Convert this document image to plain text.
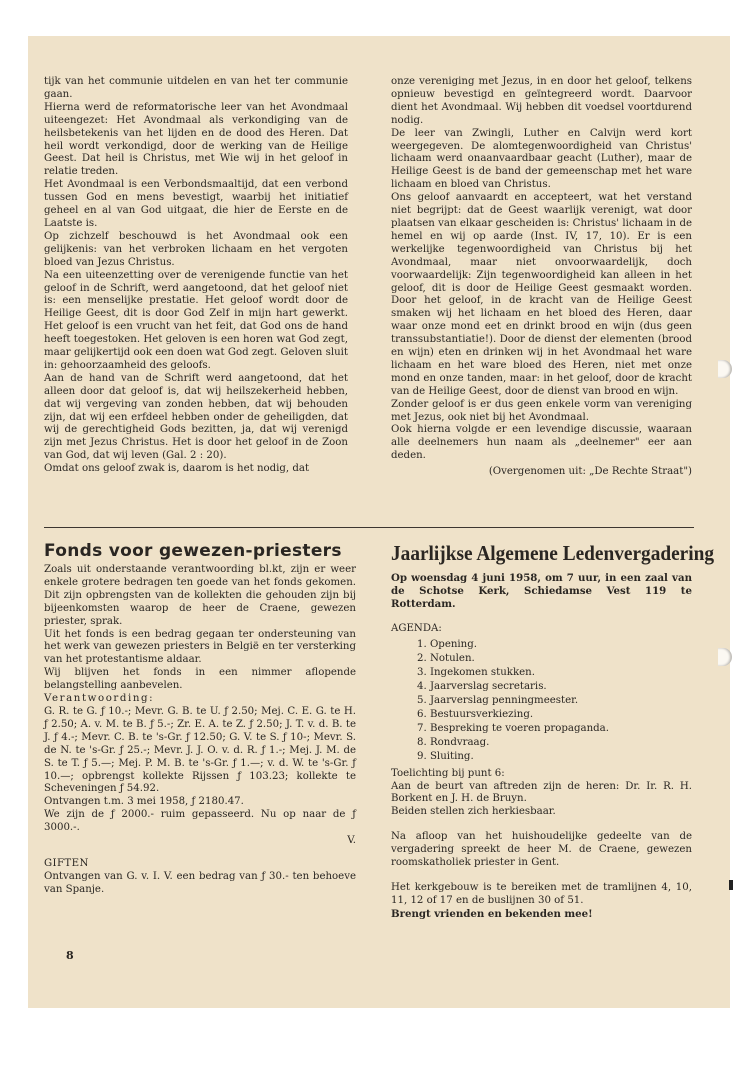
tijk van het communie uitdelen en van het ter communie gaan.

Hierna werd de reformatorische leer van het Avondmaal uiteengezet: Het Avondmaal als verkondiging van de heilsbetekenis van het lijden en de dood des Heren. Dat heil wordt verkondigd, door de werking van de Heilige Geest. Dat heil is Christus, met Wie wij in het geloof in relatie treden.

Het Avondmaal is een Verbondsmaaltijd, dat een verbond tussen God en mens bevestigt, waarbij het initiatief geheel en al van God uitgaat, die hier de Eerste en de Laatste is.

Op zichzelf beschouwd is het Avondmaal ook een gelijkenis: van het verbroken lichaam en het vergoten bloed van Jezus Christus.

Na een uiteenzetting over de verenigende functie van het geloof in de Schrift, werd aangetoond, dat het geloof niet is: een menselijke prestatie. Het geloof wordt door de Heilige Geest, dit is door God Zelf in mijn hart gewerkt. Het geloof is een vrucht van het feit, dat God ons de hand heeft toegestoken. Het geloven is een horen wat God zegt, maar gelijkertijd ook een doen wat God zegt. Geloven sluit in: gehoorzaamheid des geloofs.

Aan de hand van de Schrift werd aangetoond, dat het alleen door dat geloof is, dat wij heilszekerheid hebben, dat wij vergeving van zonden hebben, dat wij behouden zijn, dat wij een erfdeel hebben onder de geheiligden, dat wij de gerechtigheid Gods bezitten, ja, dat wij verenigd zijn met Jezus Christus. Het is door het geloof in de Zoon van God, dat wij leven (Gal. 2 : 20).

Omdat ons geloof zwak is, daarom is het nodig, dat

onze vereniging met Jezus, in en door het geloof, telkens opnieuw bevestigd en geïntegreerd wordt. Daarvoor dient het Avondmaal. Wij hebben dit voedsel voortdurend nodig.

De leer van Zwingli, Luther en Calvijn werd kort weergegeven. De alomtegenwoordigheid van Christus' lichaam werd onaanvaardbaar geacht (Luther), maar de Heilige Geest is de band der gemeenschap met het ware lichaam en bloed van Christus.

Ons geloof aanvaardt en accepteert, wat het verstand niet begrijpt: dat de Geest waarlijk verenigt, wat door plaatsen van elkaar gescheiden is: Christus' lichaam in de hemel en wij op aarde (Inst. IV, 17, 10). Er is een werkelijke tegenwoordigheid van Christus bij het Avondmaal, maar niet onvoorwaardelijk, doch voorwaardelijk: Zijn tegenwoordigheid kan alleen in het geloof, dit is door de Heilige Geest gesmaakt worden. Door het geloof, in de kracht van de Heilige Geest smaken wij het lichaam en het bloed des Heren, daar waar onze mond eet en drinkt brood en wijn (dus geen transsubstantiatie!). Door de dienst der elementen (brood en wijn) eten en drinken wij in het Avondmaal het ware lichaam en het ware bloed des Heren, niet met onze mond en onze tanden, maar: in het geloof, door de kracht van de Heilige Geest, door de dienst van brood en wijn.

Zonder geloof is er dus geen enkele vorm van vereniging met Jezus, ook niet bij het Avondmaal.

Ook hierna volgde er een levendige discussie, waaraan alle deelnemers hun naam als „deelnemer" eer aan deden.

(Overgenomen uit: „De Rechte Straat")

Fonds voor gewezen-priesters

Zoals uit onderstaande verantwoording bl.kt, zijn er weer enkele grotere bedragen ten goede van het fonds gekomen. Dit zijn opbrengsten van de kollekten die gehouden zijn bij bijeenkomsten waarop de heer de Craene, gewezen priester, sprak.

Uit het fonds is een bedrag gegaan ter ondersteuning van het werk van gewezen priesters in België en ter versterking van het protestantisme aldaar.

Wij blijven het fonds in een nimmer aflopende belangstelling aanbevelen.

Verantwoording:

G. R. te G. ƒ 10.-; Mevr. G. B. te U. ƒ 2.50; Mej. C. E. G. te H. ƒ 2.50; A. v. M. te B. ƒ 5.-; Zr. E. A. te Z. ƒ 2.50; J. T. v. d. B. te J. ƒ 4.-; Mevr. C. B. te 's-Gr. ƒ 12.50; G. V. te S. ƒ 10-; Mevr. S. de N. te 's-Gr. ƒ 25.-; Mevr. J. J. O. v. d. R. ƒ 1.-; Mej. J. M. de S. te T. ƒ 5.—; Mej. P. M. B. te 's-Gr. ƒ 1.—; v. d. W. te 's-Gr. ƒ 10.—; opbrengst kollekte Rijssen ƒ 103.23; kollekte te Scheveningen ƒ 54.92.

Ontvangen t.m. 3 mei 1958, ƒ 2180.47.

We zijn de ƒ 2000.- ruim gepasseerd. Nu op naar de ƒ 3000.-.

V.

GIFTEN

Ontvangen van G. v. I. V. een bedrag van ƒ 30.- ten behoeve van Spanje.

Jaarlijkse Algemene Ledenvergadering

Op woensdag 4 juni 1958, om 7 uur, in een zaal van de Schotse Kerk, Schiedamse Vest 119 te Rotterdam.

AGENDA:

1. Opening.
2. Notulen.
3. Ingekomen stukken.
4. Jaarverslag secretaris.
5. Jaarverslag penningmeester.
6. Bestuursverkiezing.
7. Bespreking te voeren propaganda.
8. Rondvraag.
9. Sluiting.

Toelichting bij punt 6:

Aan de beurt van aftreden zijn de heren: Dr. Ir. R. H. Borkent en J. H. de Bruyn.

Beiden stellen zich herkiesbaar.

Na afloop van het huishoudelijke gedeelte van de vergadering spreekt de heer M. de Craene, gewezen roomskatholiek priester in Gent.

Het kerkgebouw is te bereiken met de tramlijnen 4, 10, 11, 12 of 17 en de buslijnen 30 of 51.

Brengt vrienden en bekenden mee!

8
